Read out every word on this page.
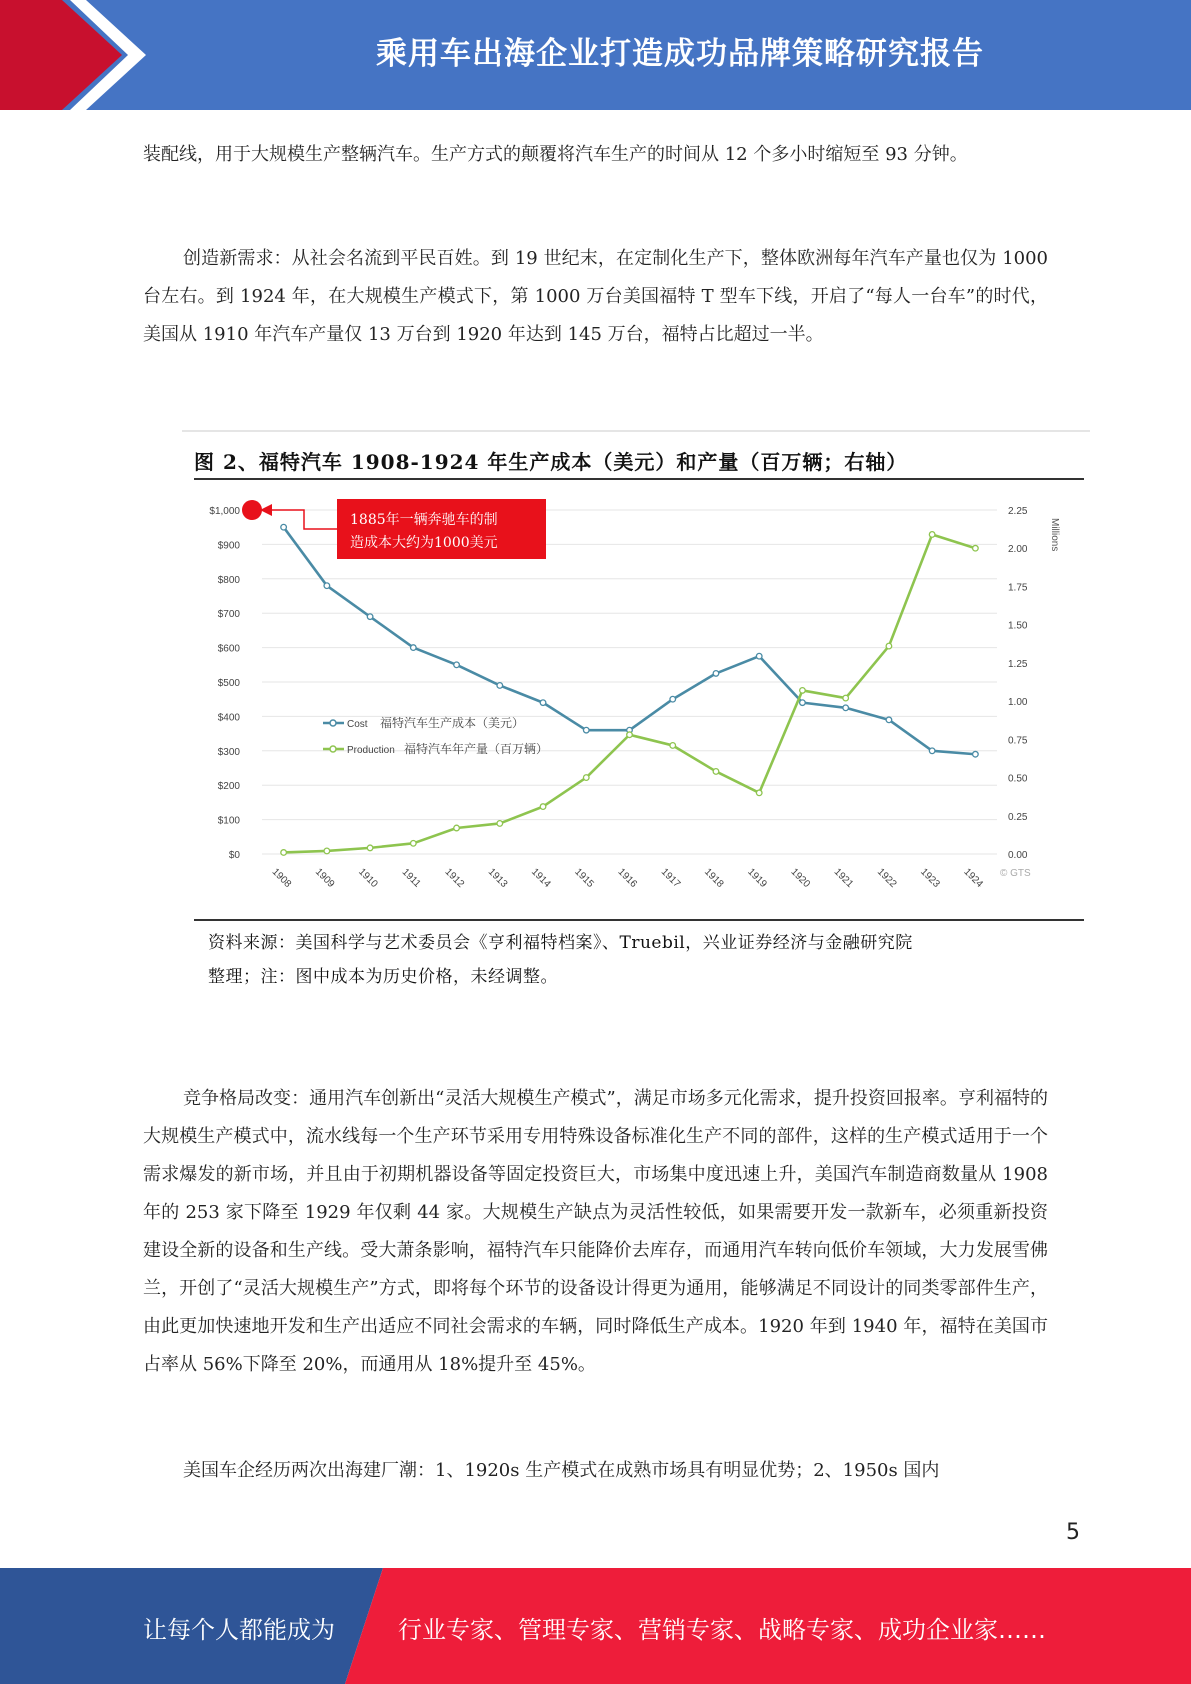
乘用车出海企业打造成功品牌策略研究报告

装配线，用于大规模生产整辆汽车。生产方式的颠覆将汽车生产的时间从 12 个多小时缩短至 93 分钟。

创造新需求：从社会名流到平民百姓。到 19 世纪末，在定制化生产下，整体欧洲每年汽车产量也仅为 1000 台左右。到 1924 年，在大规模生产模式下，第 1000 万台美国福特 T 型车下线，开启了“每人一台车”的时代，美国从 1910 年汽车产量仅 13 万台到 1920 年达到 145 万台，福特占比超过一半。

图 2、福特汽车 1908-1924 年生产成本（美元）和产量（百万辆；右轴）
$0
$100
$200
$300
$400
$500
$600
$700
$800
$900
$1,000
0.00
0.25
0.50
0.75
1.00
1.25
1.50
1.75
2.00
2.25
1908 1909 1910 1911 1912 1913 1914 1915 1916 1917 1918 1919 1920 1921 1922 1923 1924
Millions
1885年一辆奔驰车的制
造成本大约为1000美元
Cost 福特汽车生产成本（美元）
Production 福特汽车年产量（百万辆）
© GTS
资料来源：美国科学与艺术委员会《亨利福特档案》、Truebil，兴业证券经济与金融研究院
整理；注：图中成本为历史价格，未经调整。

竞争格局改变：通用汽车创新出“灵活大规模生产模式”，满足市场多元化需求，提升投资回报率。亨利福特的大规模生产模式中，流水线每一个生产环节采用专用特殊设备标准化生产不同的部件，这样的生产模式适用于一个需求爆发的新市场，并且由于初期机器设备等固定投资巨大，市场集中度迅速上升，美国汽车制造商数量从 1908 年的 253 家下降至 1929 年仅剩 44 家。大规模生产缺点为灵活性较低，如果需要开发一款新车，必须重新投资建设全新的设备和生产线。受大萧条影响，福特汽车只能降价去库存，而通用汽车转向低价车领域，大力发展雪佛兰，开创了“灵活大规模生产”方式，即将每个环节的设备设计得更为通用，能够满足不同设计的同类零部件生产，由此更加快速地开发和生产出适应不同社会需求的车辆，同时降低生产成本。1920 年到 1940 年，福特在美国市占率从 56%下降至 20%，而通用从 18%提升至 45%。

美国车企经历两次出海建厂潮：1、1920s 生产模式在成熟市场具有明显优势；2、1950s 国内

5
让每个人都能成为	行业专家、管理专家、营销专家、战略专家、成功企业家……
